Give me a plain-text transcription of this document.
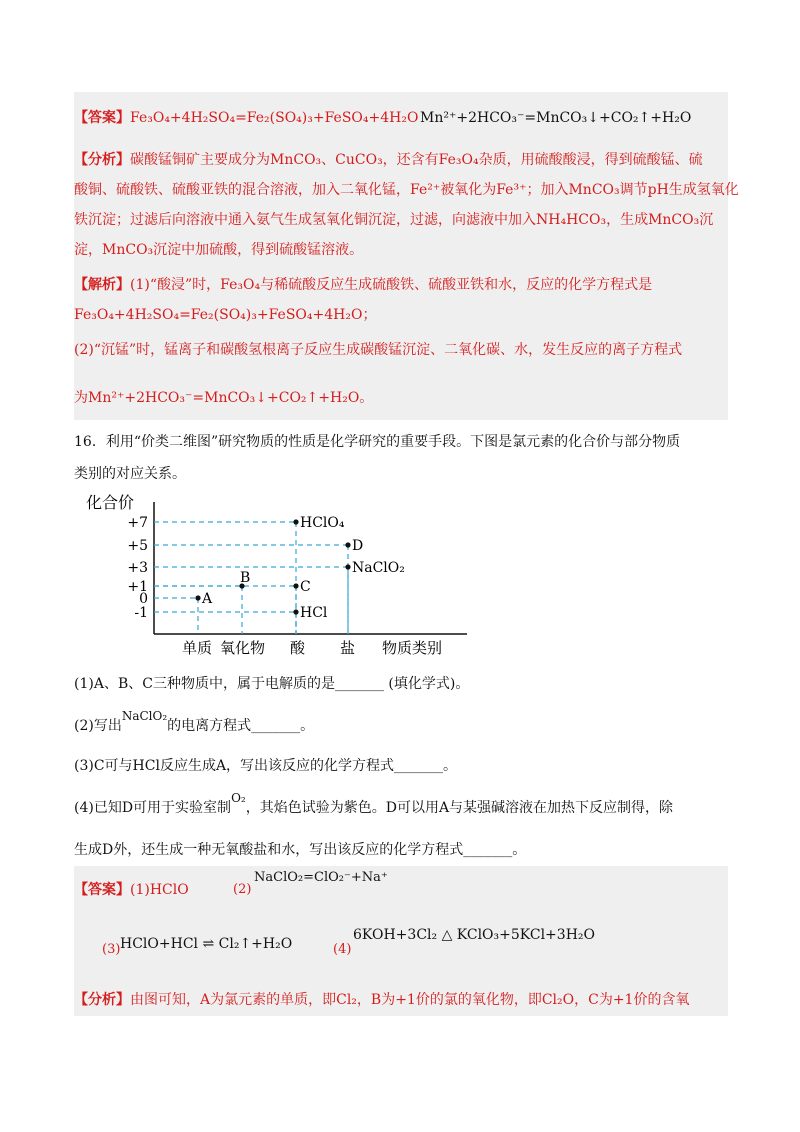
【答案】Fe₃O₄+4H₂SO₄=Fe₂(SO₄)₃+FeSO₄+4H₂O Mn²⁺+2HCO₃⁻=MnCO₃↓+CO₂↑+H₂O
【分析】碳酸锰铜矿主要成分为MnCO₃、CuCO₃，还含有Fe₃O₄杂质，用硫酸酸浸，得到硫酸锰、硫
酸铜、硫酸铁、硫酸亚铁的混合溶液，加入二氧化锰，Fe²⁺被氧化为Fe³⁺；加入MnCO₃调节pH生成氢氧化
铁沉淀；过滤后向溶液中通入氨气生成氢氧化铜沉淀，过滤，向滤液中加入NH₄HCO₃，生成MnCO₃沉
淀，MnCO₃沉淀中加硫酸，得到硫酸锰溶液。
【解析】(1)“酸浸”时，Fe₃O₄与稀硫酸反应生成硫酸铁、硫酸亚铁和水，反应的化学方程式是
Fe₃O₄+4H₂SO₄=Fe₂(SO₄)₃+FeSO₄+4H₂O；
(2)“沉锰”时，锰离子和碳酸氢根离子反应生成碳酸锰沉淀、二氧化碳、水，发生反应的离子方程式
为Mn²⁺+2HCO₃⁻=MnCO₃↓+CO₂↑+H₂O。
16．利用“价类二维图”研究物质的性质是化学研究的重要手段。下图是氯元素的化合价与部分物质
类别的对应关系。
化合价
+7
+5
+3
+1
0
-1
A
B
C
HClO₄
HCl
D
NaClO₂
单质 氧化物 酸 盐 物质类别
(1)A、B、C三种物质中，属于电解质的是_______ (填化学式)。
(2)写出NaClO₂的电离方程式_______。
(3)C可与HCl反应生成A，写出该反应的化学方程式_______。
(4)已知D可用于实验室制O₂，其焰色试验为紫色。D可以用A与某强碱溶液在加热下反应制得，除
生成D外，还生成一种无氧酸盐和水，写出该反应的化学方程式_______。
【答案】(1)HClO	(2)
NaClO₂=ClO₂⁻+Na⁺
(3) HClO+HCl ⇌ Cl₂↑+H₂O	(4)
6KOH+3Cl₂ △ KClO₃+5KCl+3H₂O
【分析】由图可知，A为氯元素的单质，即Cl₂，B为+1价的氯的氧化物，即Cl₂O，C为+1价的含氧
